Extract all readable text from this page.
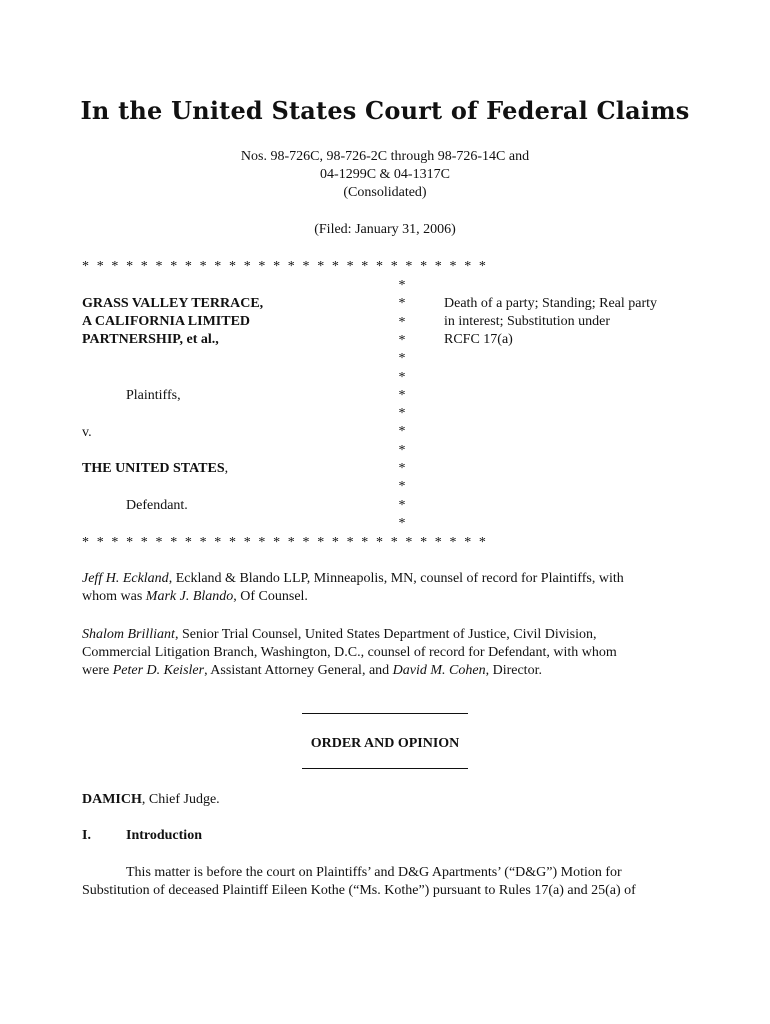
In the United States Court of Federal Claims
Nos. 98-726C, 98-726-2C through 98-726-14C and
04-1299C & 04-1317C
(Consolidated)
(Filed: January 31, 2006)
* * * * * * * * * * * * * * * * * * * * * * * * * * * *
*
*
*
*
*
*
*
*
*
*
*
*
*
*
GRASS VALLEY TERRACE,
A CALIFORNIA LIMITED
PARTNERSHIP, et al.,
Plaintiffs,
v.
THE UNITED STATES,
Defendant.
Death of a party; Standing; Real party
in interest; Substitution under
RCFC 17(a)
* * * * * * * * * * * * * * * * * * * * * * * * * * * *
Jeff H. Eckland, Eckland & Blando LLP, Minneapolis, MN, counsel of record for Plaintiffs, with
whom was Mark J. Blando, Of Counsel.
Shalom Brilliant, Senior Trial Counsel, United States Department of Justice, Civil Division,
Commercial Litigation Branch, Washington, D.C., counsel of record for Defendant, with whom
were Peter D. Keisler, Assistant Attorney General, and David M. Cohen, Director.
ORDER AND OPINION
DAMICH, Chief Judge.
I.	Introduction
This matter is before the court on Plaintiffs’ and D&G Apartments’ (“D&G”) Motion for
Substitution of deceased Plaintiff Eileen Kothe (“Ms. Kothe”) pursuant to Rules 17(a) and 25(a) of
